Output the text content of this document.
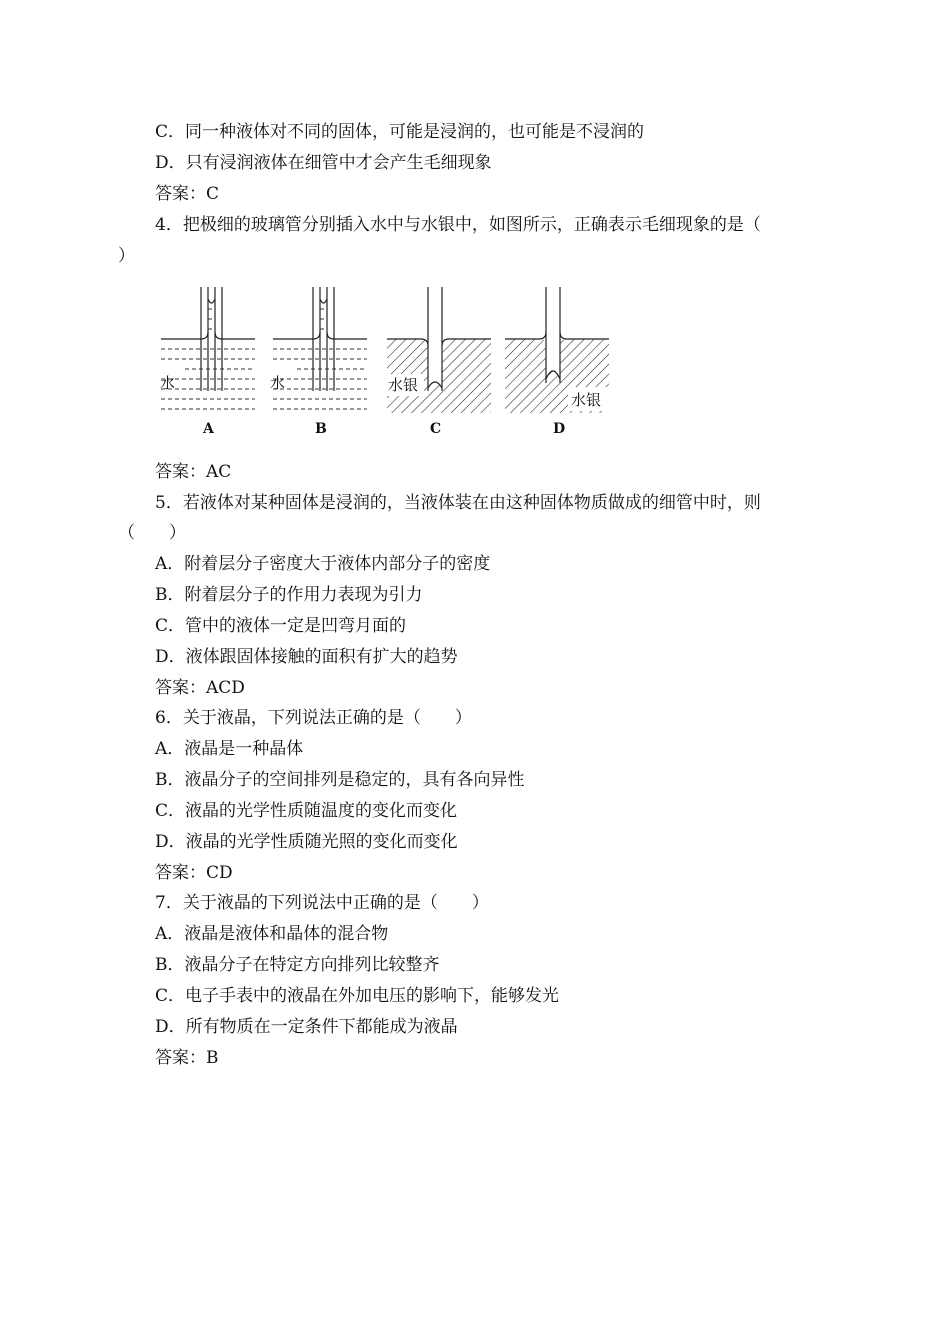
C．同一种液体对不同的固体，可能是浸润的，也可能是不浸润的
D．只有浸润液体在细管中才会产生毛细现象
答案：C
4．把极细的玻璃管分别插入水中与水银中，如图所示，正确表示毛细现象的是（
）
水
A
水
B
水银
C
水银
D
答案：AC
5．若液体对某种固体是浸润的，当液体装在由这种固体物质做成的细管中时，则
（　　）
A．附着层分子密度大于液体内部分子的密度
B．附着层分子的作用力表现为引力
C．管中的液体一定是凹弯月面的
D．液体跟固体接触的面积有扩大的趋势
答案：ACD
6．关于液晶，下列说法正确的是（　　）
A．液晶是一种晶体
B．液晶分子的空间排列是稳定的，具有各向异性
C．液晶的光学性质随温度的变化而变化
D．液晶的光学性质随光照的变化而变化
答案：CD
7．关于液晶的下列说法中正确的是（　　）
A．液晶是液体和晶体的混合物
B．液晶分子在特定方向排列比较整齐
C．电子手表中的液晶在外加电压的影响下，能够发光
D．所有物质在一定条件下都能成为液晶
答案：B
